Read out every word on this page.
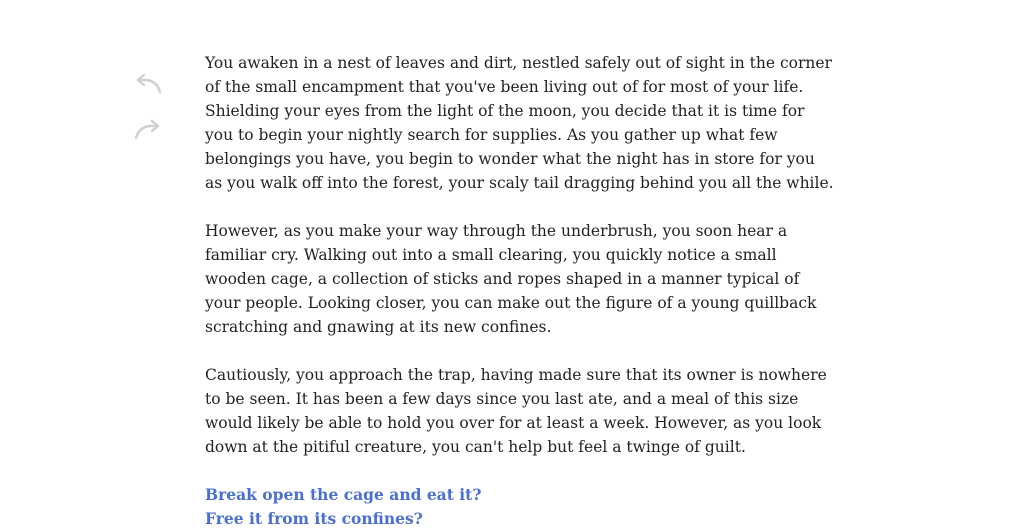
You awaken in a nest of leaves and dirt, nestled safely out of sight in the corner of the small encampment that you've been living out of for most of your life. Shielding your eyes from the light of the moon, you decide that it is time for you to begin your nightly search for supplies. As you gather up what few belongings you have, you begin to wonder what the night has in store for you as you walk off into the forest, your scaly tail dragging behind you all the while.

However, as you make your way through the underbrush, you soon hear a familiar cry. Walking out into a small clearing, you quickly notice a small wooden cage, a collection of sticks and ropes shaped in a manner typical of your people. Looking closer, you can make out the figure of a young quillback scratching and gnawing at its new confines.

Cautiously, you approach the trap, having made sure that its owner is nowhere to be seen. It has been a few days since you last ate, and a meal of this size would likely be able to hold you over for at least a week. However, as you look down at the pitiful creature, you can't help but feel a twinge of guilt.

Break open the cage and eat it?
Free it from its confines?
